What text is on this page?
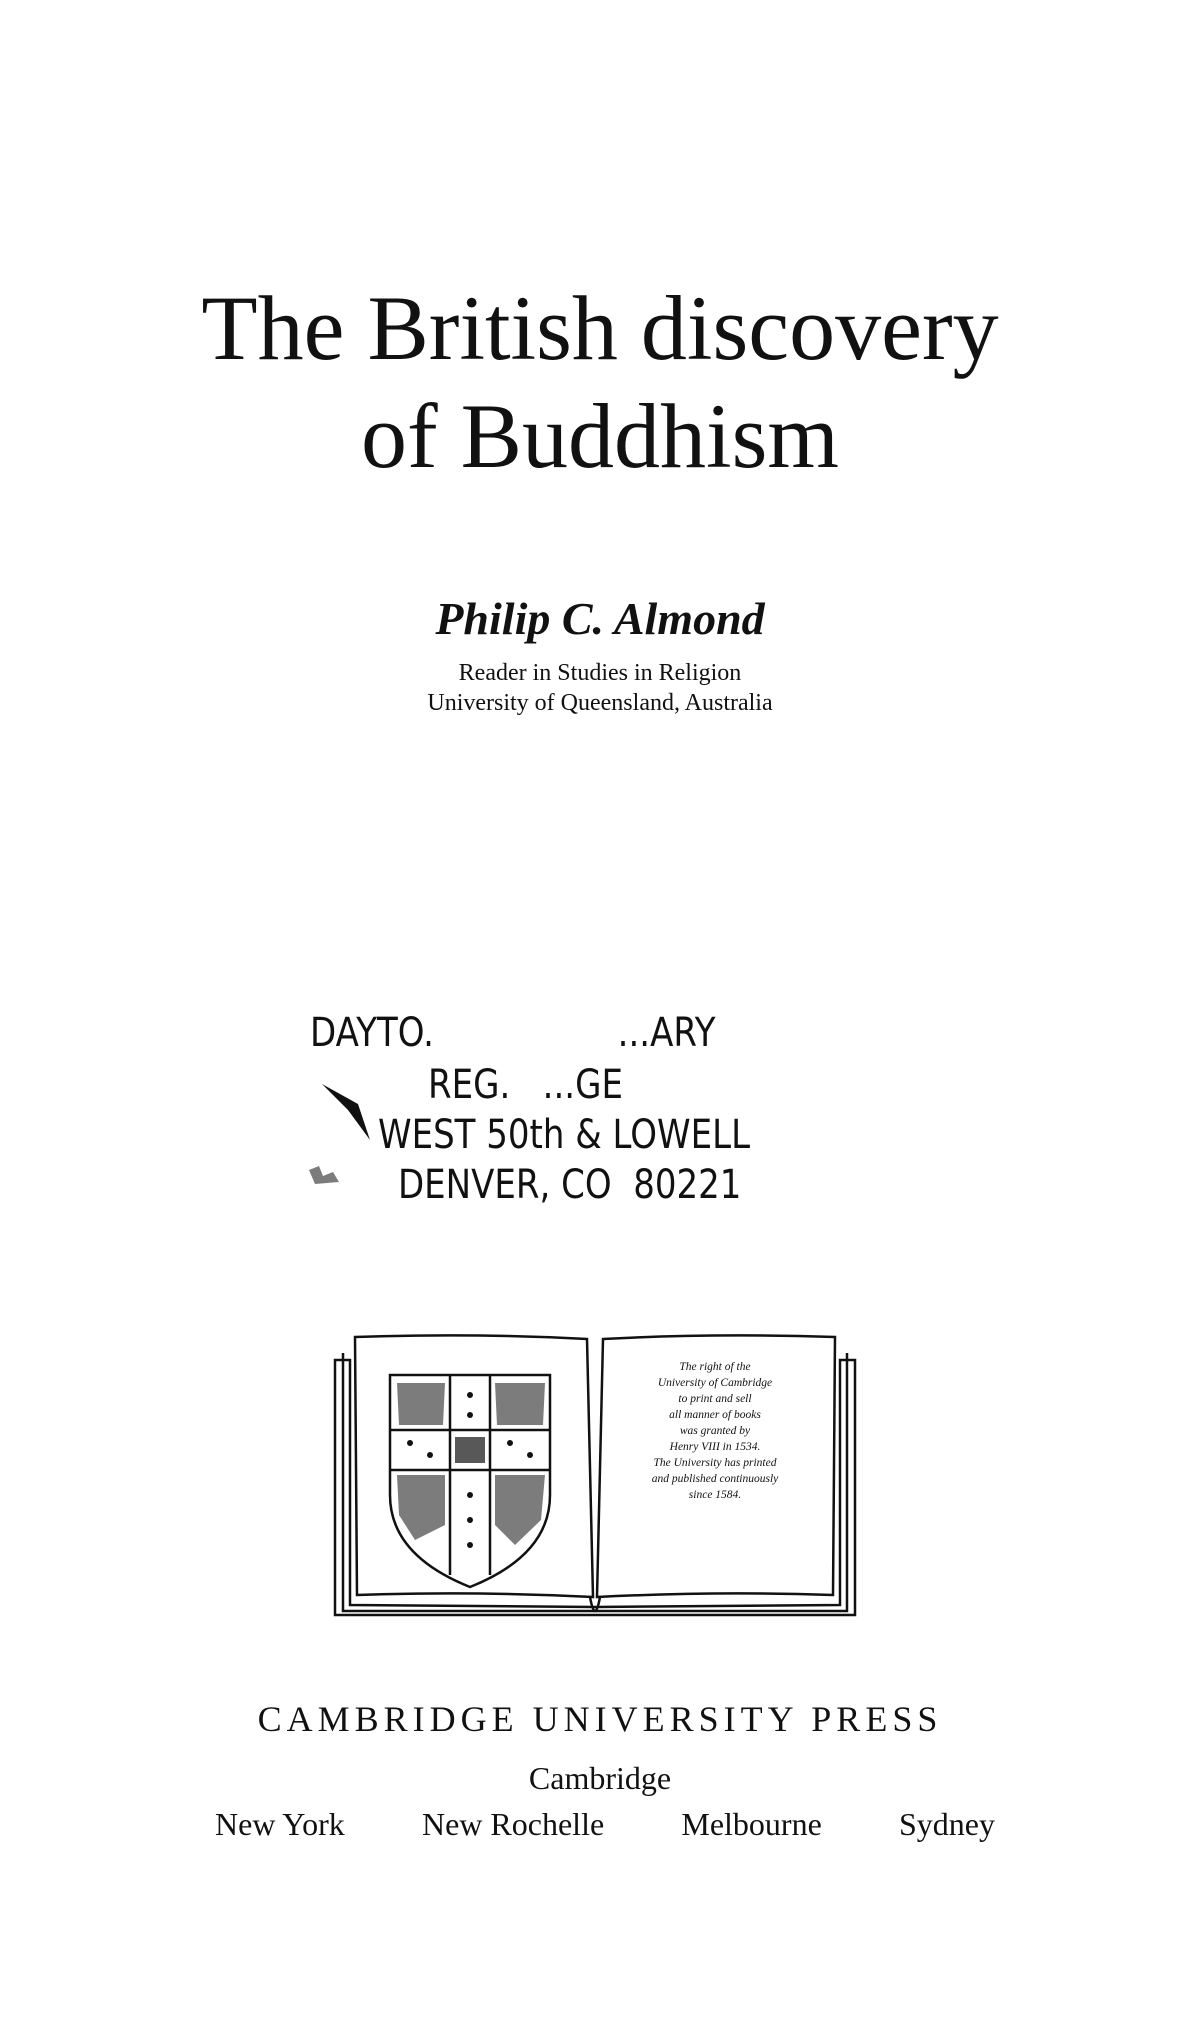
The British discovery
of Buddhism
Philip C. Almond
Reader in Studies in Religion
University of Queensland, Australia
DAYTO.                 ...ARY
REG.   ...GE
WEST 50th & LOWELL
DENVER, CO  80221
The right of the
University of Cambridge
to print and sell
all manner of books
was granted by
Henry VIII in 1534.
The University has printed
and published continuously
since 1584.
CAMBRIDGE UNIVERSITY PRESS
Cambridge
New York New Rochelle Melbourne Sydney
